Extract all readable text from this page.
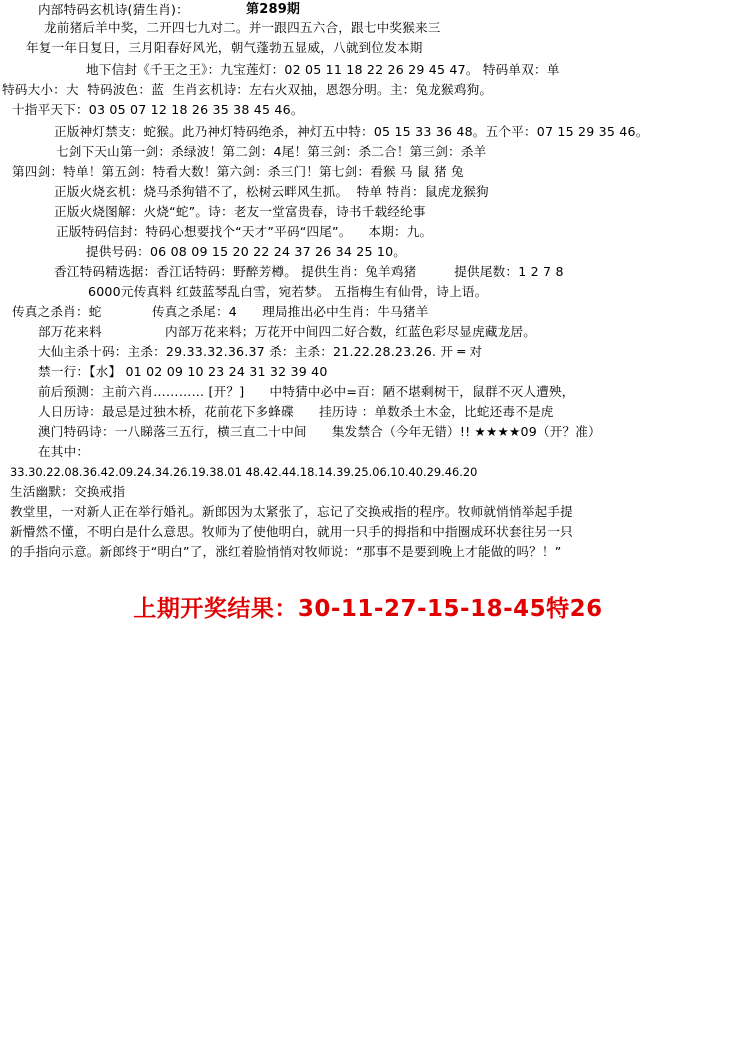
内部特码玄机诗(猜生肖)：	第289期
龙前猪后羊中奖，二开四七九对二。并一跟四五六合，跟七中奖猴来三
年复一年日复日，三月阳春好风光，朝气蓬勃五显威，八就到位发本期
地下信封《千王之王》：九宝莲灯：02 05 11 18 22 26 29 45 47。 特码单双：单
特码大小：大  特码波色：蓝  生肖玄机诗：左右火双抽，恩怨分明。主：兔龙猴鸡狗。
十指平天下：03 05 07 12 18 26 35 38 45 46。
正版神灯禁支：蛇猴。此乃神灯特码绝杀，神灯五中特：05 15 33 36 48。五个平：07 15 29 35 46。
七剑下天山第一剑：杀绿波！第二剑：4尾！第三剑：杀二合！第三剑：杀羊
第四剑：特单！第五剑：特看大数！第六剑：杀三门！第七剑：看猴 马 鼠 猪 兔
正版火烧玄机：烧马杀狗错不了，松树云畔风生抓。  特单 特肖：鼠虎龙猴狗
正版火烧图解：火烧“蛇”。诗：老友一堂富贵春，诗书千载经纶事
正版特码信封：特码心想要找个“天才”平码“四尾”。    本期：九。
提供号码：06 08 09 15 20 22 24 37 26 34 25 10。
香江特码精选据：香江话特码：野醉芳樽。 提供生肖：兔羊鸡猪         提供尾数：1 2 7 8
6000元传真料 红鼓蓝琴乱白雪，宛若梦。 五指梅生有仙骨，诗上语。
传真之杀肖：蛇            传真之杀尾：4      理局推出必中生肖：牛马猪羊
部万花来料               内部万花来料；万花开中间四二好合数，红蓝色彩尽显虎藏龙居。
大仙主杀十码：主杀：29.33.32.36.37 杀：主杀：21.22.28.23.26. 开 ═ 对
禁一行：【水】 01 02 09 10 23 24 31 32 39 40
前后预测：主前六肖………… [开？]      中特猜中必中=百：陋不堪剩树干，鼠群不灭人遭殃，
人日历诗：最忌是过独木桥，花前花下多蜂碟      挂历诗 ：单数杀土木金，比蛇还毒不是虎
澳门特码诗：一八睇落三五行，横三直二十中间      集发禁合（今年无错）!! ★★★★09（开？准）
在其中：
33.30.22.08.36.42.09.24.34.26.19.38.01 48.42.44.18.14.39.25.06.10.40.29.46.20
生活幽默：交换戒指
教堂里，一对新人正在举行婚礼。新郎因为太紧张了，忘记了交换戒指的程序。牧师就悄悄举起手提
新懵然不懂，不明白是什么意思。牧师为了使他明白，就用一只手的拇指和中指圈成环状套往另一只
的手指向示意。新郎终于“明白”了，涨红着脸悄悄对牧师说：“那事不是要到晚上才能做的吗？！”
上期开奖结果：30-11-27-15-18-45特26
